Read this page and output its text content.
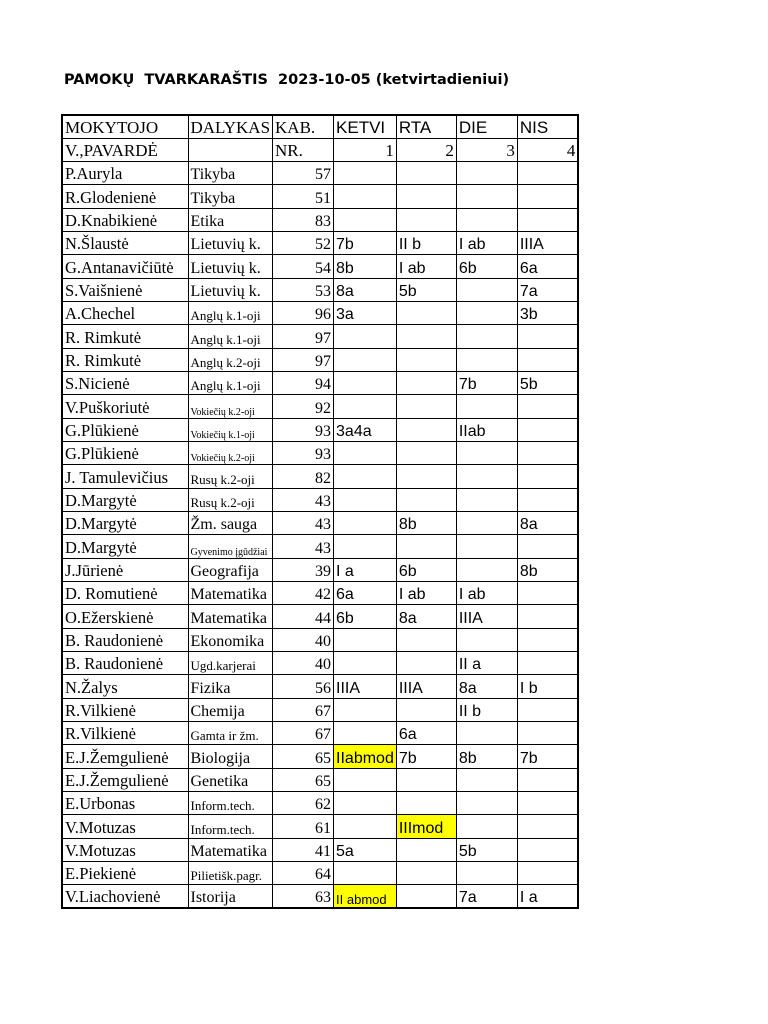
PAMOKŲ  TVARKARAŠTIS  2023-10-05 (ketvirtadieniui)
MOKYTOJO	DALYKAS	KAB.	KETVI	RTA	DIE	NIS
V.,PAVARDĖ		NR.	1	2	3	4
P.Auryla	Tikyba	57				
R.Glodenienė	Tikyba	51				
D.Knabikienė	Etika	83				
N.Šlaustė	Lietuvių k.	52	7b	II b	I ab	IIIA
G.Antanavičiūtė	Lietuvių k.	54	8b	I ab	6b	6a
S.Vaišnienė	Lietuvių k.	53	8a	5b		7a
A.Chechel	Anglų k.1-oji	96	3a			3b
R. Rimkutė	Anglų k.1-oji	97				
R. Rimkutė	Anglų k.2-oji	97				
S.Nicienė	Anglų k.1-oji	94			7b	5b
V.Puškoriutė	Vokiečių k.2-oji	92				
G.Plūkienė	Vokiečių k.1-oji	93	3a4a		IIab	
G.Plūkienė	Vokiečių k.2-oji	93				
J. Tamulevičius	Rusų k.2-oji	82				
D.Margytė	Rusų k.2-oji	43				
D.Margytė	Žm. sauga	43		8b		8a
D.Margytė	Gyvenimo įgūdžiai	43				
J.Jūrienė	Geografija	39	I a	6b		8b
D. Romutienė	Matematika	42	6a	I ab	I ab	
O.Ežerskienė	Matematika	44	6b	8a	IIIA	
B. Raudonienė	Ekonomika	40				
B. Raudonienė	Ugd.karjerai	40			II a	
N.Žalys	Fizika	56	IIIA	IIIA	8a	I b
R.Vilkienė	Chemija	67			II b	
R.Vilkienė	Gamta ir žm.	67		6a		
E.J.Žemgulienė	Biologija	65	IIabmod	7b	8b	7b
E.J.Žemgulienė	Genetika	65				
E.Urbonas	Inform.tech.	62				
V.Motuzas	Inform.tech.	61		IIImod		
V.Motuzas	Matematika	41	5a		5b	
E.Piekienė	Pilietišk.pagr.	64				
V.Liachovienė	Istorija	63	II abmod		7a	I a
